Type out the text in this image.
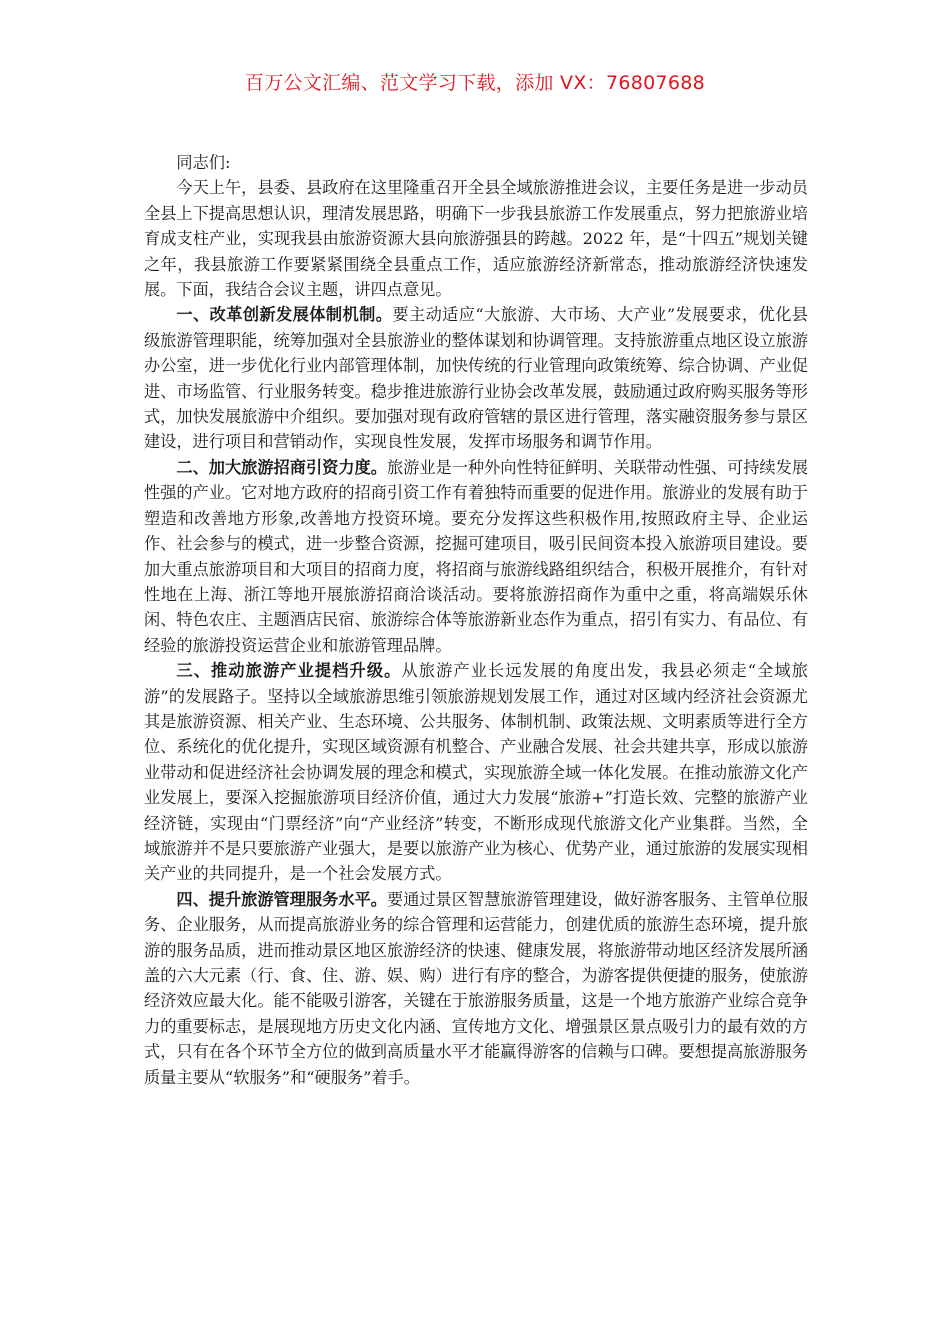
百万公文汇编、范文学习下载，添加 VX：76807688

同志们:

今天上午，县委、县政府在这里隆重召开全县全域旅游推进会议，主要任务是进一步动员全县上下提高思想认识，理清发展思路，明确下一步我县旅游工作发展重点，努力把旅游业培育成支柱产业，实现我县由旅游资源大县向旅游强县的跨越。2022 年，是“十四五”规划关键之年，我县旅游工作要紧紧围绕全县重点工作，适应旅游经济新常态，推动旅游经济快速发展。下面，我结合会议主题，讲四点意见。

一、改革创新发展体制机制。要主动适应“大旅游、大市场、大产业”发展要求，优化县级旅游管理职能，统筹加强对全县旅游业的整体谋划和协调管理。支持旅游重点地区设立旅游办公室，进一步优化行业内部管理体制，加快传统的行业管理向政策统筹、综合协调、产业促进、市场监管、行业服务转变。稳步推进旅游行业协会改革发展，鼓励通过政府购买服务等形式，加快发展旅游中介组织。要加强对现有政府管辖的景区进行管理，落实融资服务参与景区建设，进行项目和营销动作，实现良性发展，发挥市场服务和调节作用。

二、加大旅游招商引资力度。旅游业是一种外向性特征鲜明、关联带动性强、可持续发展性强的产业。它对地方政府的招商引资工作有着独特而重要的促进作用。旅游业的发展有助于塑造和改善地方形象,改善地方投资环境。要充分发挥这些积极作用,按照政府主导、企业运作、社会参与的模式，进一步整合资源，挖掘可建项目，吸引民间资本投入旅游项目建设。要加大重点旅游项目和大项目的招商力度，将招商与旅游线路组织结合，积极开展推介，有针对性地在上海、浙江等地开展旅游招商洽谈活动。要将旅游招商作为重中之重，将高端娱乐休闲、特色农庄、主题酒店民宿、旅游综合体等旅游新业态作为重点，招引有实力、有品位、有经验的旅游投资运营企业和旅游管理品牌。

三、推动旅游产业提档升级。从旅游产业长远发展的角度出发，我县必须走“全域旅游”的发展路子。坚持以全域旅游思维引领旅游规划发展工作，通过对区域内经济社会资源尤其是旅游资源、相关产业、生态环境、公共服务、体制机制、政策法规、文明素质等进行全方位、系统化的优化提升，实现区域资源有机整合、产业融合发展、社会共建共享，形成以旅游业带动和促进经济社会协调发展的理念和模式，实现旅游全域一体化发展。在推动旅游文化产业发展上，要深入挖掘旅游项目经济价值，通过大力发展“旅游+”打造长效、完整的旅游产业经济链，实现由“门票经济”向“产业经济”转变，不断形成现代旅游文化产业集群。当然，全域旅游并不是只要旅游产业强大，是要以旅游产业为核心、优势产业，通过旅游的发展实现相关产业的共同提升，是一个社会发展方式。

四、提升旅游管理服务水平。要通过景区智慧旅游管理建设，做好游客服务、主管单位服务、企业服务，从而提高旅游业务的综合管理和运营能力，创建优质的旅游生态环境，提升旅游的服务品质，进而推动景区地区旅游经济的快速、健康发展，将旅游带动地区经济发展所涵盖的六大元素（行、食、住、游、娱、购）进行有序的整合，为游客提供便捷的服务，使旅游经济效应最大化。能不能吸引游客，关键在于旅游服务质量，这是一个地方旅游产业综合竞争力的重要标志，是展现地方历史文化内涵、宣传地方文化、增强景区景点吸引力的最有效的方式，只有在各个环节全方位的做到高质量水平才能赢得游客的信赖与口碑。要想提高旅游服务质量主要从“软服务”和“硬服务”着手。
